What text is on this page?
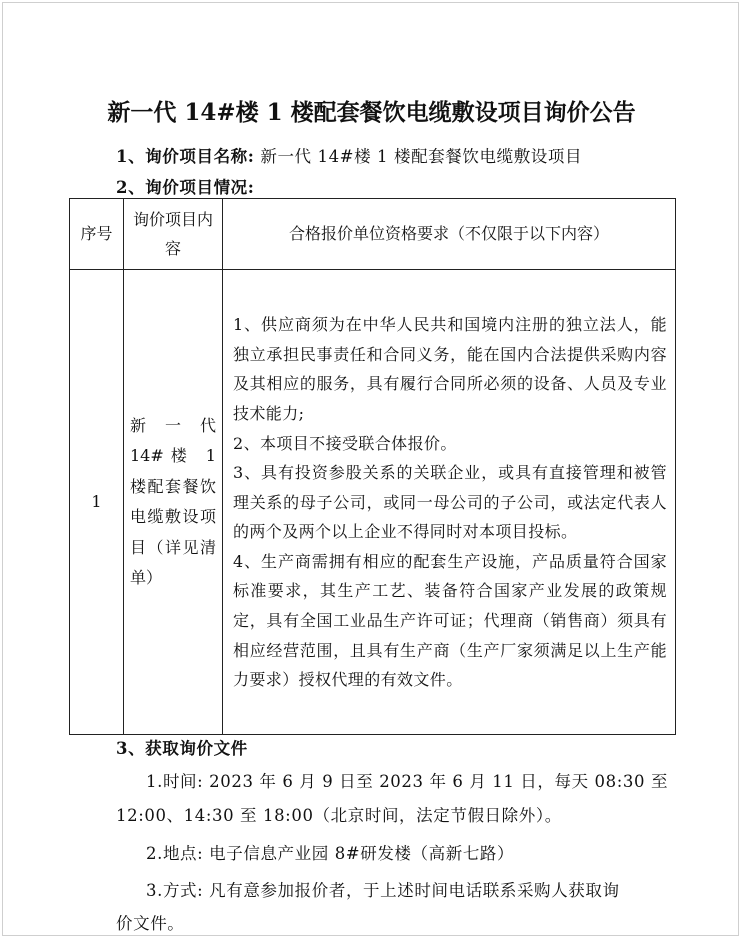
新一代 14#楼 1 楼配套餐饮电缆敷设项目询价公告
1、询价项目名称: 新一代 14#楼 1 楼配套餐饮电缆敷设项目
2、询价项目情况:
序号	询价项目内容	合格报价单位资格要求（不仅限于以下内容）
1	新一代 14#楼 1 楼配套餐饮电缆敷设项目（详见清单）	1、供应商须为在中华人民共和国境内注册的独立法人，能独立承担民事责任和合同义务，能在国内合法提供采购内容及其相应的服务，具有履行合同所必须的设备、人员及专业技术能力;

2、本项目不接受联合体报价。

3、具有投资参股关系的关联企业，或具有直接管理和被管理关系的母子公司，或同一母公司的子公司，或法定代表人的两个及两个以上企业不得同时对本项目投标。

4、生产商需拥有相应的配套生产设施，产品质量符合国家标准要求，其生产工艺、装备符合国家产业发展的政策规定，具有全国工业品生产许可证；代理商（销售商）须具有相应经营范围，且具有生产商（生产厂家须满足以上生产能力要求）授权代理的有效文件。

3、获取询价文件
1.时间: 2023 年 6 月 9 日至 2023 年 6 月 11 日，每天 08:30 至
12:00、14:30 至 18:00（北京时间，法定节假日除外）。
2.地点: 电子信息产业园 8#研发楼（高新七路）
3.方式: 凡有意参加报价者，于上述时间电话联系采购人获取询
价文件。
